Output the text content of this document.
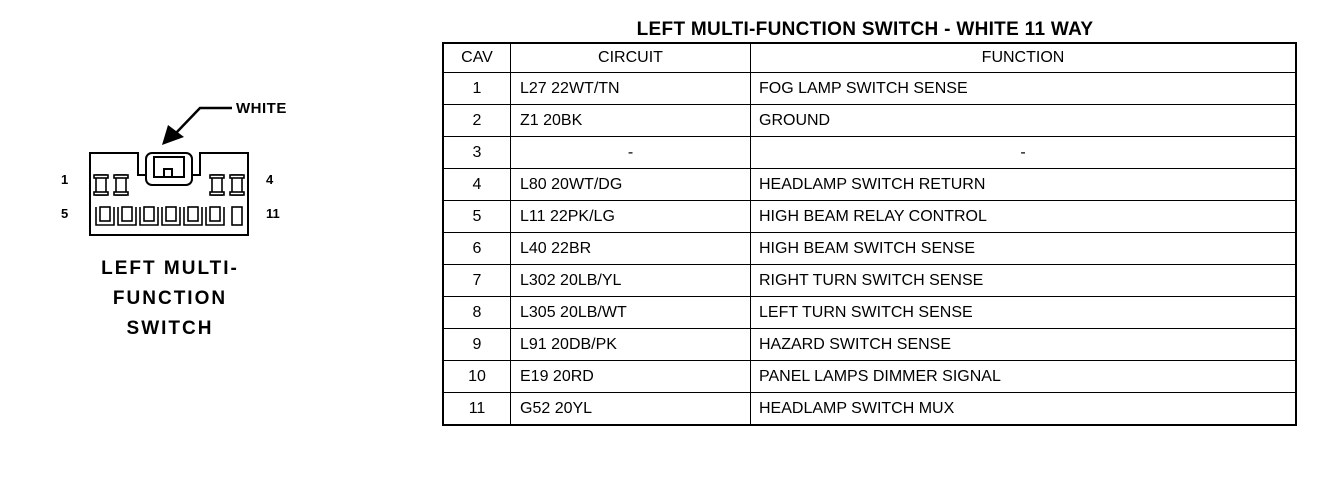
WHITE
1	4
5	11
LEFT MULTI-
FUNCTION
SWITCH
LEFT MULTI-FUNCTION SWITCH - WHITE 11 WAY
CAV	CIRCUIT	FUNCTION
1	L27 22WT/TN	FOG LAMP SWITCH SENSE
2	Z1 20BK	GROUND
3	-	-
4	L80 20WT/DG	HEADLAMP SWITCH RETURN
5	L11 22PK/LG	HIGH BEAM RELAY CONTROL
6	L40 22BR	HIGH BEAM SWITCH SENSE
7	L302 20LB/YL	RIGHT TURN SWITCH SENSE
8	L305 20LB/WT	LEFT TURN SWITCH SENSE
9	L91 20DB/PK	HAZARD SWITCH SENSE
10	E19 20RD	PANEL LAMPS DIMMER SIGNAL
11	G52 20YL	HEADLAMP SWITCH MUX
